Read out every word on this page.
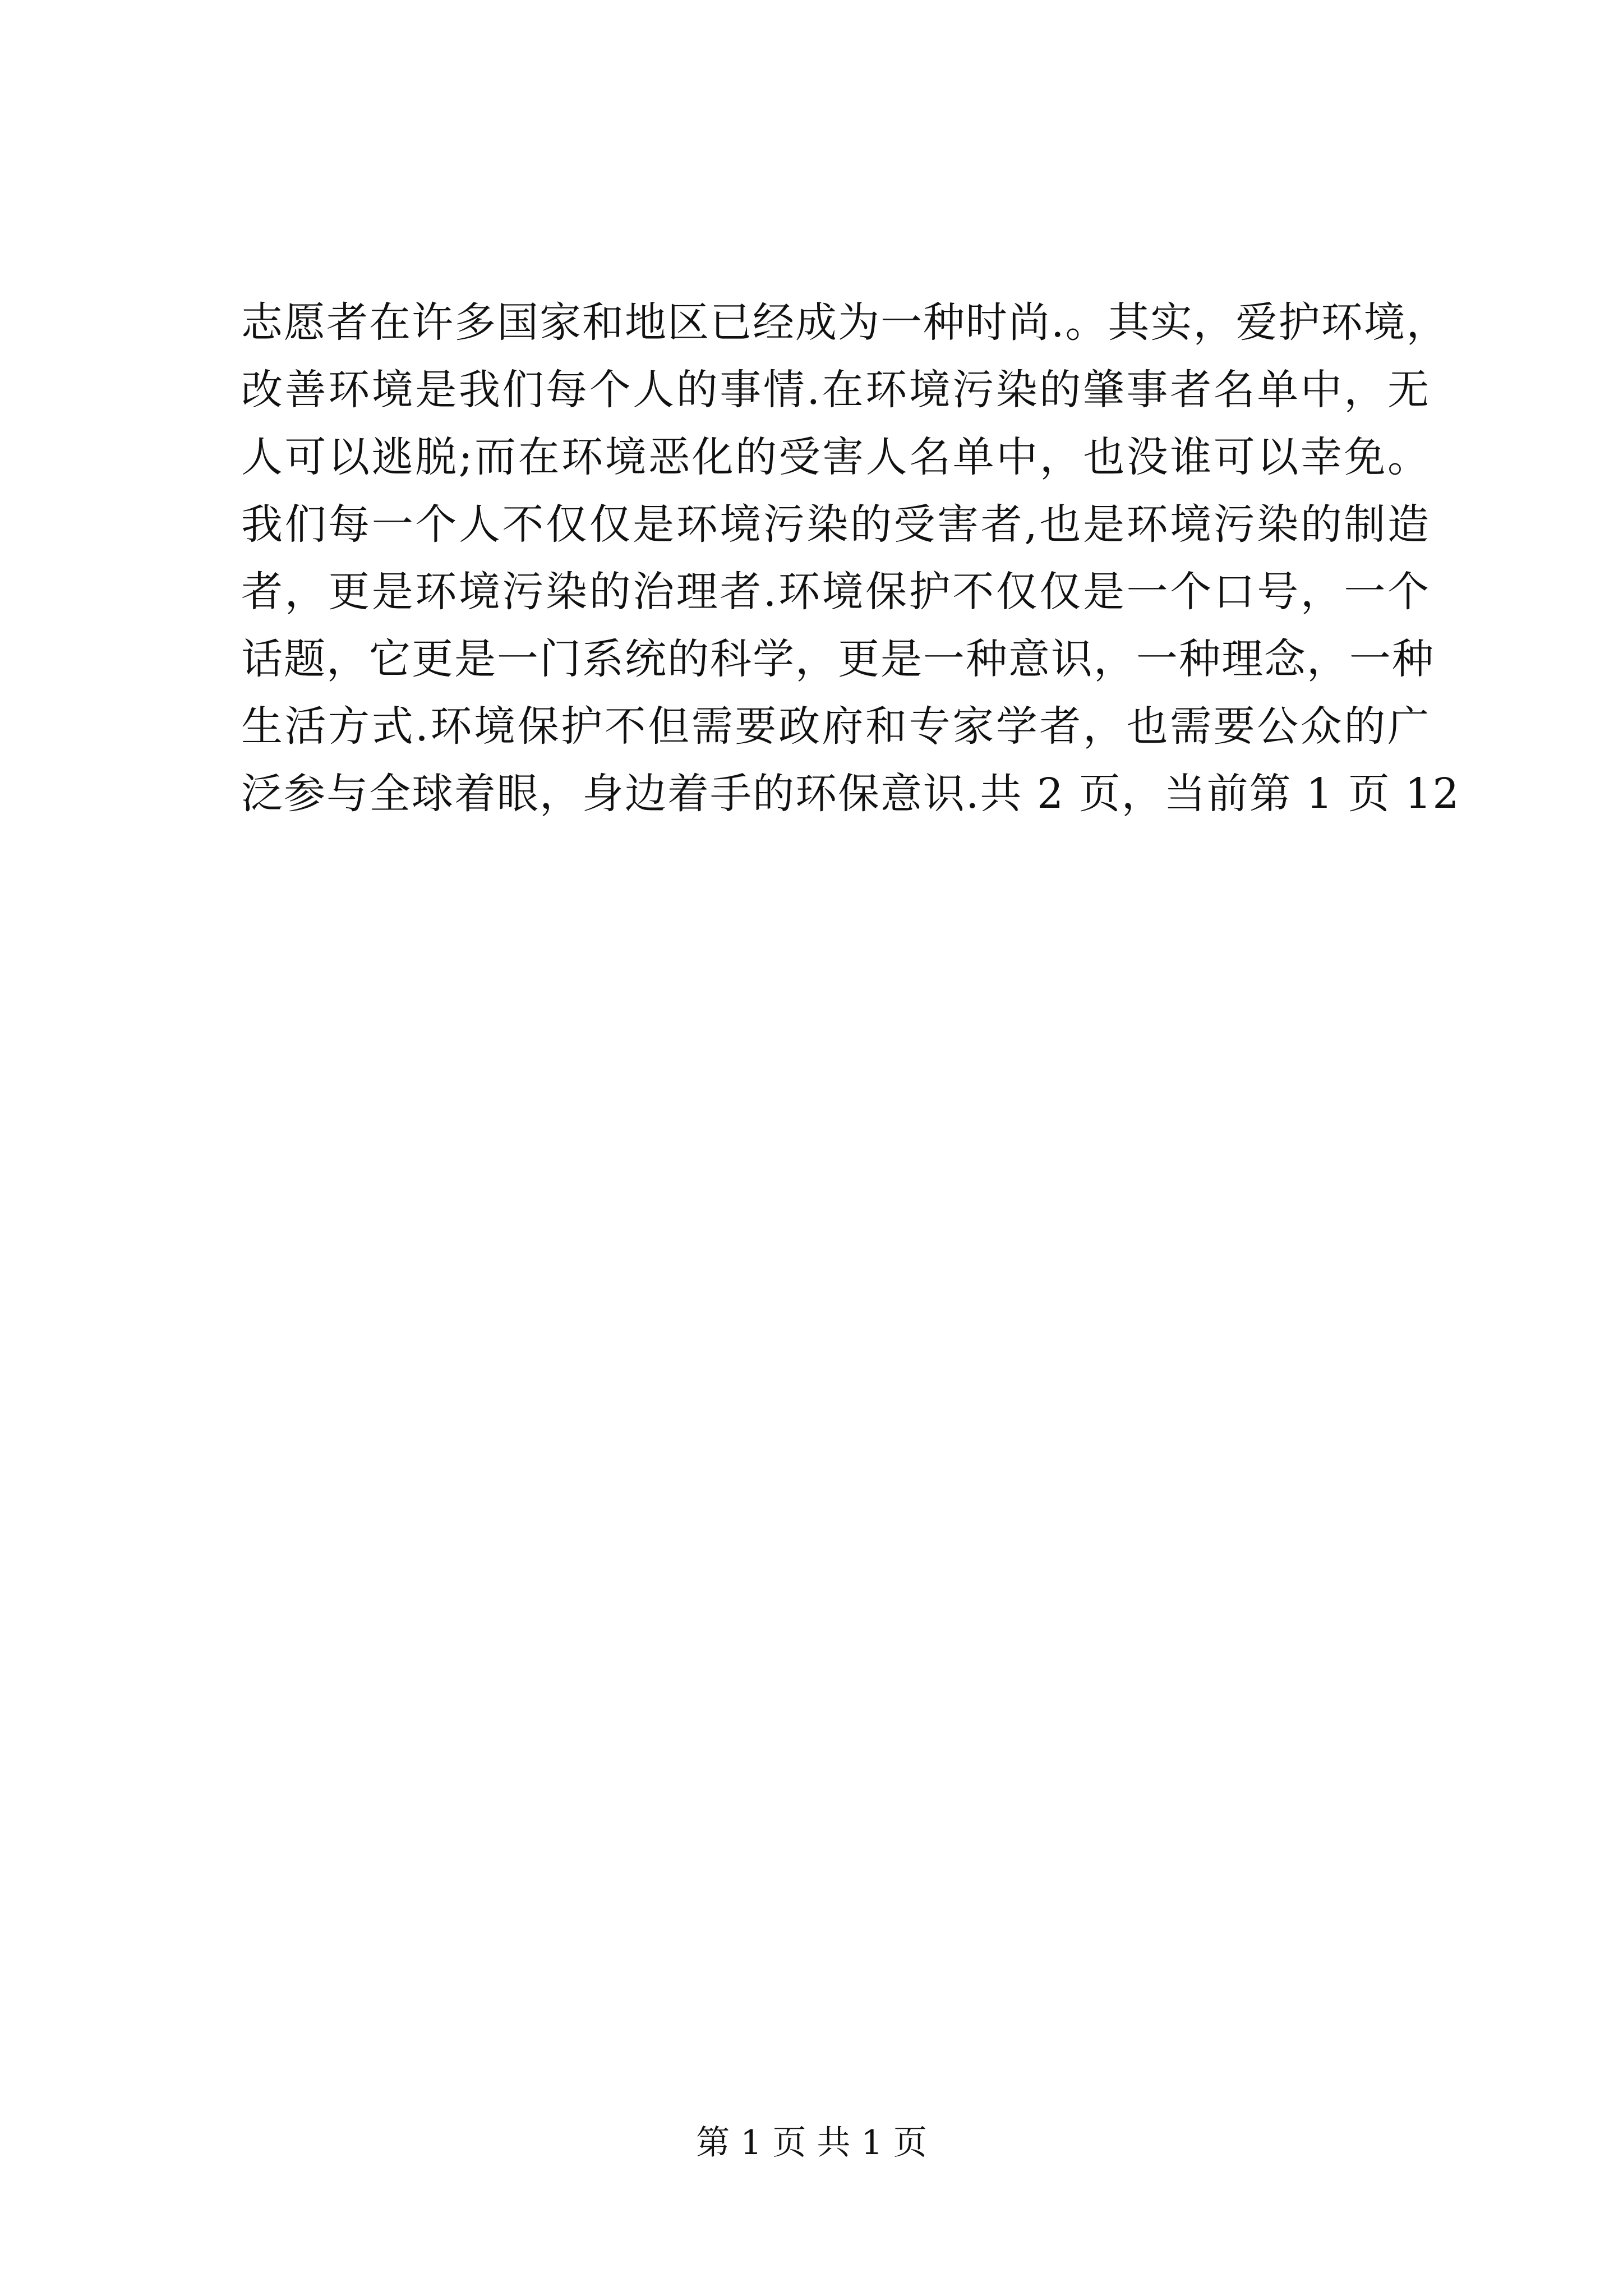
志愿者在许多国家和地区已经成为一种时尚.。其实，爱护环境，
改善环境是我们每个人的事情.在环境污染的肇事者名单中，无
人可以逃脱;而在环境恶化的受害人名单中，也没谁可以幸免。
我们每一个人不仅仅是环境污染的受害者,也是环境污染的制造
者，更是环境污染的治理者.环境保护不仅仅是一个口号，一个
话题，它更是一门系统的科学，更是一种意识，一种理念，一种
生活方式.环境保护不但需要政府和专家学者，也需要公众的广
泛参与全球着眼，身边着手的环保意识.共 2 页，当前第 1 页 12
第 1 页 共 1 页
